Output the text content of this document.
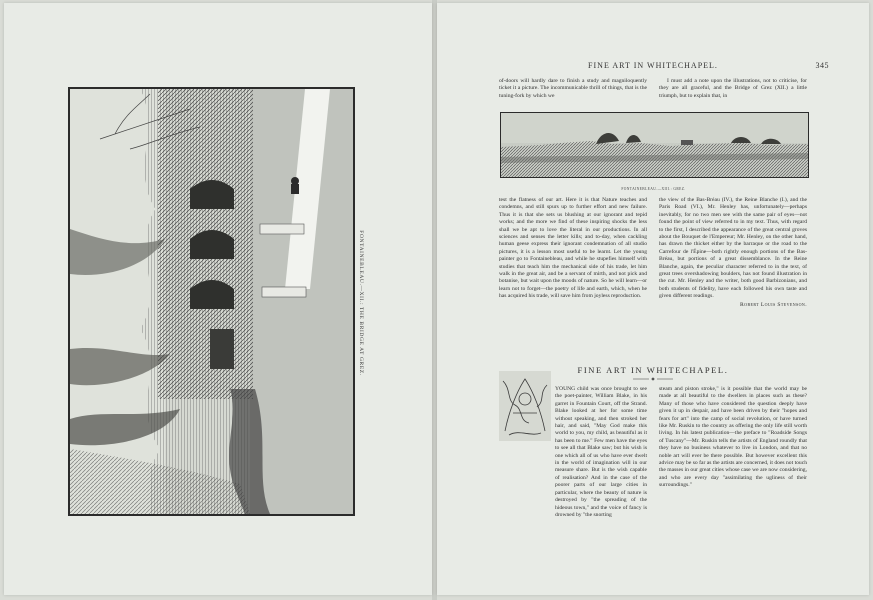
FONTAINEBLEAU.—XII.: THE BRIDGE AT GREZ.
FINE ART IN WHITECHAPEL.	345

of-doors will hardly dare to finish a study and magniloquently ticket it a picture. The incommunicable thrill of things, that is the tuning-fork by which we

I must add a note upon the illustrations, not to criticise, for they are all graceful, and the Bridge of Grez (XII.) a little triumph, but to explain that, in

FONTAINEBLEAU.—XIII.: GREZ.

test the flatness of our art. Here it is that Nature teaches and condemns, and still spurs up to further effort and new failure. Thus it is that she sets us blushing at our ignorant and tepid works; and the more we find of these inspiring shocks the less shall we be apt to love the literal in our productions. In all sciences and senses the letter kills; and to-day, when cackling human geese express their ignorant condemnation of all studio pictures, it is a lesson most useful to be learnt. Let the young painter go to Fontainebleau, and while he stupefies himself with studies that teach him the mechanical side of his trade, let him walk in the great air, and be a servant of mirth, and not pick and botanise, but wait upon the moods of nature. So he will learn—or learn not to forget—the poetry of life and earth, which, when he has acquired his trade, will save him from joyless reproduction.

the view of the Bas-Bréau (IV.), the Reine Blanche (I.), and the Paris Road (VI.), Mr. Henley has, unfortunately—perhaps inevitably, for no two men see with the same pair of eyes—not found the point of view referred to in my text. Thus, with regard to the first, I described the appearance of the great central groves about the Bouquet de l'Empereur; Mr. Henley, on the other hand, has drawn the thicket either by the barraque or the road to the Carrefour de l'Épine—both rightly enough portions of the Bas-Bréau, but portions of a great dissemblance. In the Reine Blanche, again, the peculiar character referred to in the text, of great trees overshadowing boulders, has not found illustration in the cut. Mr. Henley and the writer, both good Barbizonians, and both students of fidelity, have each followed his own taste and given different readings.

Robert Louis Stevenson.
FINE ART IN WHITECHAPEL.

YOUNG child was once brought to see the poet-painter, William Blake, in his garret in Fountain Court, off the Strand. Blake looked at her for some time without speaking, and then stroked her hair, and said, "May God make this world to you, my child, as beautiful as it has been to me." Few men have the eyes to see all that Blake saw; but his wish is one which all of us who have ever dwelt in the world of imagination will in our measure share. But is the wish capable of realisation? And in the case of the poorer parts of our large cities in particular, where the beauty of nature is destroyed by "the spreading of the hideous town," and the voice of fancy is drowned by "the snorting

steam and piston stroke," is it possible that the world may be made at all beautiful to the dwellers in places such as these? Many of those who have considered the question deeply have given it up in despair, and have been driven by their "hopes and fears for art" into the camp of social revolution, or have turned like Mr. Ruskin to the country as offering the only life still worth living. In his latest publication—the preface to "Roadside Songs of Tuscany"—Mr. Ruskin tells the artists of England roundly that they have no business whatever to live in London, and that no noble art will ever be there possible. But however excellent this advice may be so far as the artists are concerned, it does not touch the masses in our great cities whose case we are now considering, and who are every day "assimilating the ugliness of their surroundings."
